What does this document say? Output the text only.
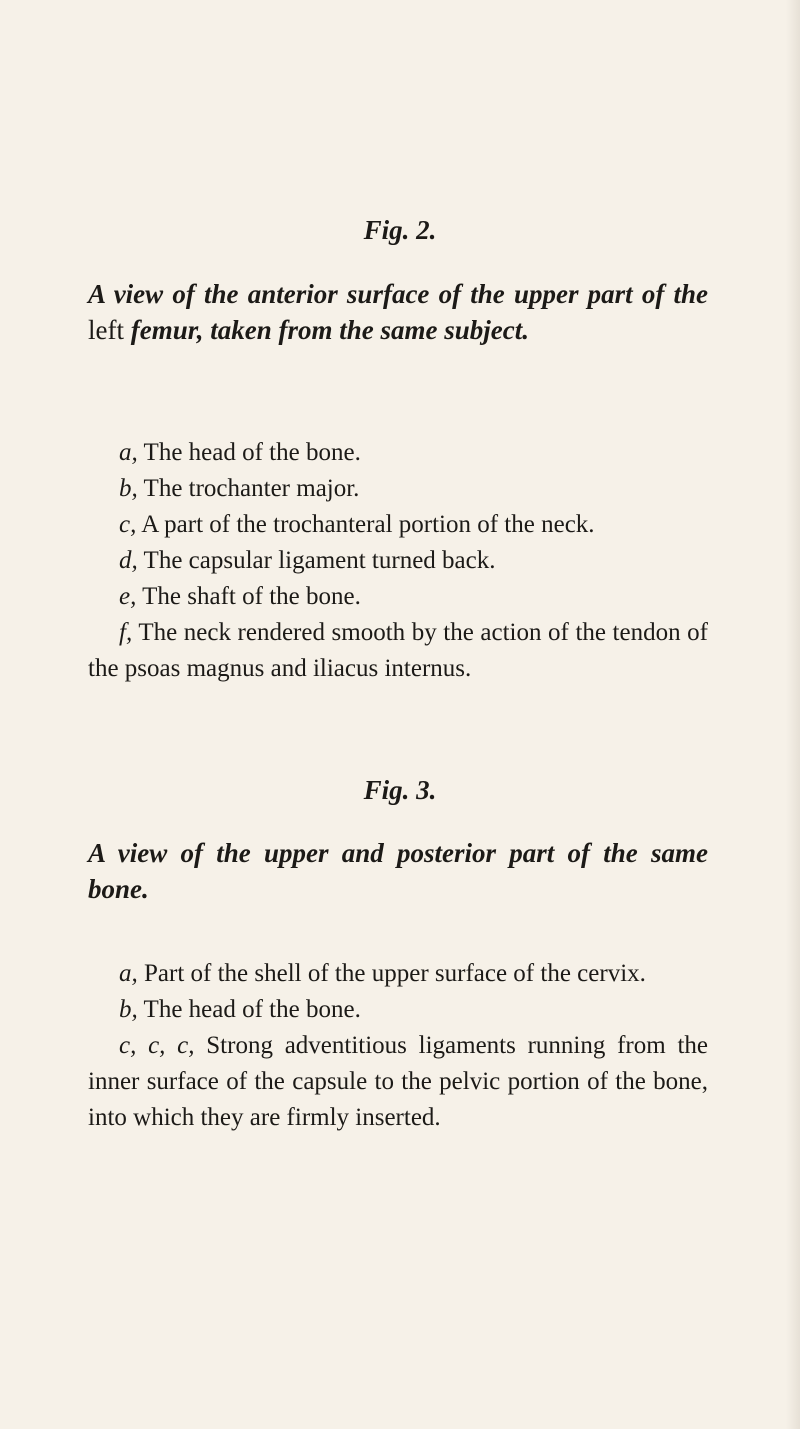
Fig. 2.
A view of the anterior surface of the upper part of the left femur, taken from the same subject.

a, The head of the bone.

b, The trochanter major.

c, A part of the trochanteral portion of the neck.

d, The capsular ligament turned back.

e, The shaft of the bone.

f, The neck rendered smooth by the action of the tendon of the psoas magnus and iliacus internus.

Fig. 3.
A view of the upper and posterior part of the same bone.

a, Part of the shell of the upper surface of the cervix.

b, The head of the bone.

c, c, c, Strong adventitious ligaments running from the inner surface of the capsule to the pelvic portion of the bone, into which they are firmly inserted.
